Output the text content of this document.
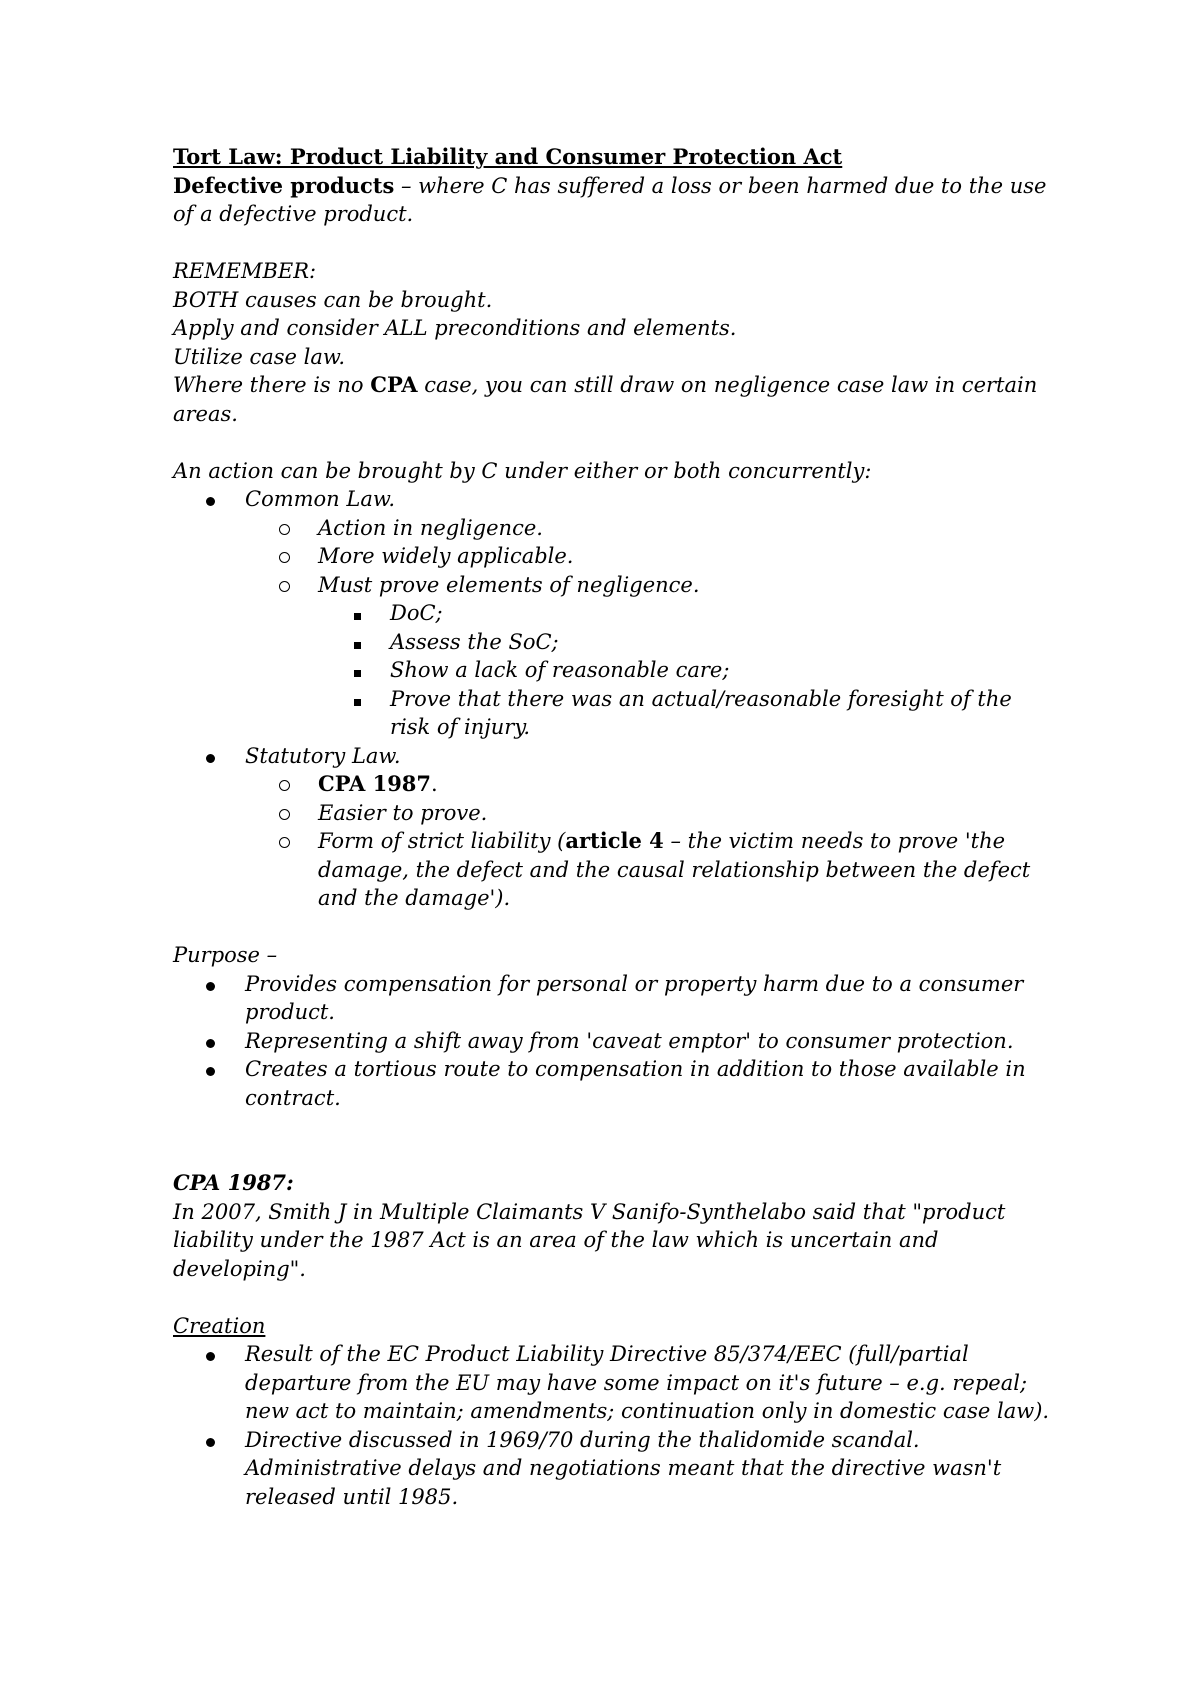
Tort Law: Product Liability and Consumer Protection Act

Defective products – where C has suffered a loss or been harmed due to the use of a defective product.

REMEMBER:

BOTH causes can be brought.

Apply and consider ALL preconditions and elements.

Utilize case law.

Where there is no CPA case, you can still draw on negligence case law in certain areas.

An action can be brought by C under either or both concurrently:

Common Law.
Action in negligence.
More widely applicable.
Must prove elements of negligence.
DoC;
Assess the SoC;
Show a lack of reasonable care;
Prove that there was an actual/reasonable foresight of the risk of injury.
Statutory Law.
CPA 1987.
Easier to prove.
Form of strict liability (article 4 – the victim needs to prove 'the damage, the defect and the causal relationship between the defect and the damage').

Purpose –

Provides compensation for personal or property harm due to a consumer product.
Representing a shift away from 'caveat emptor' to consumer protection.
Creates a tortious route to compensation in addition to those available in contract.

CPA 1987:

In 2007, Smith J in Multiple Claimants V Sanifo-Synthelabo said that "product liability under the 1987 Act is an area of the law which is uncertain and developing".

Creation

Result of the EC Product Liability Directive 85/374/EEC (full/partial departure from the EU may have some impact on it's future – e.g. repeal; new act to maintain; amendments; continuation only in domestic case law).
Directive discussed in 1969/70 during the thalidomide scandal. Administrative delays and negotiations meant that the directive wasn't released until 1985.
